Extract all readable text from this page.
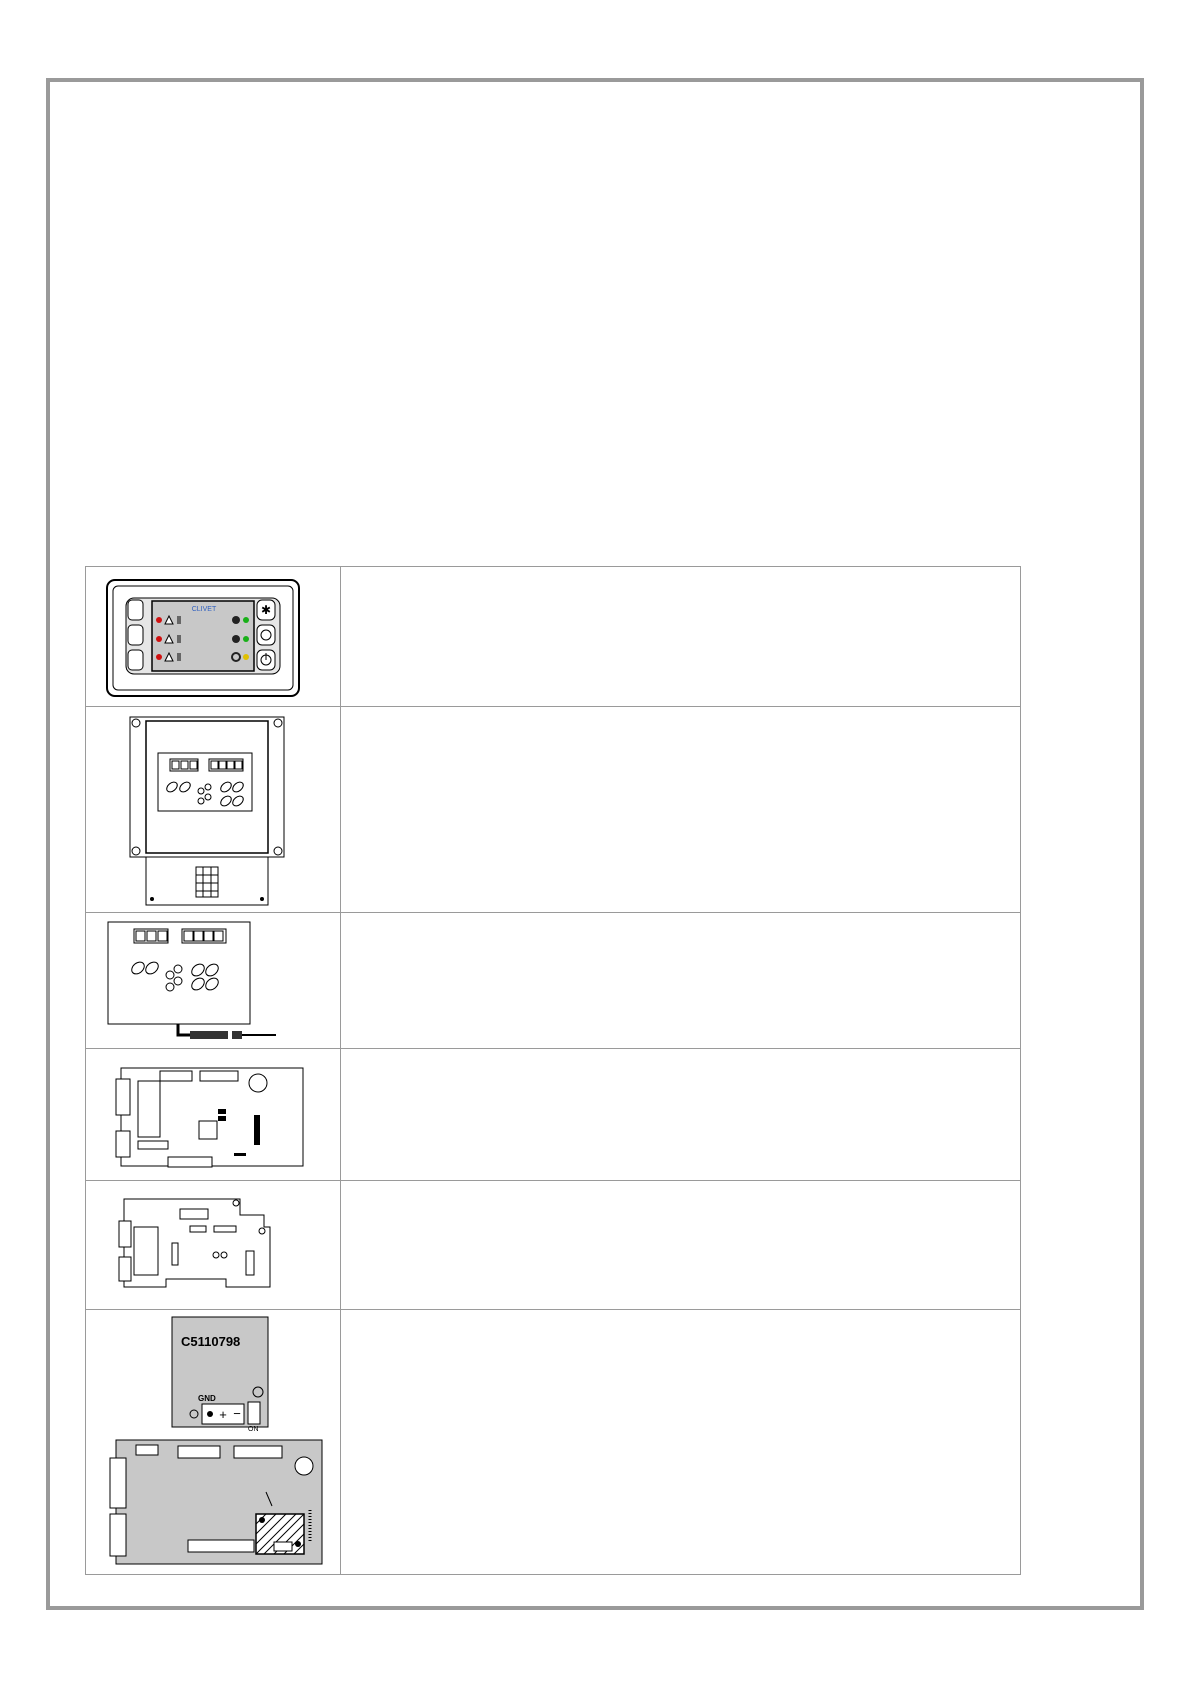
CLIVET ✱	

C5110798
GND
+ −
ON	
